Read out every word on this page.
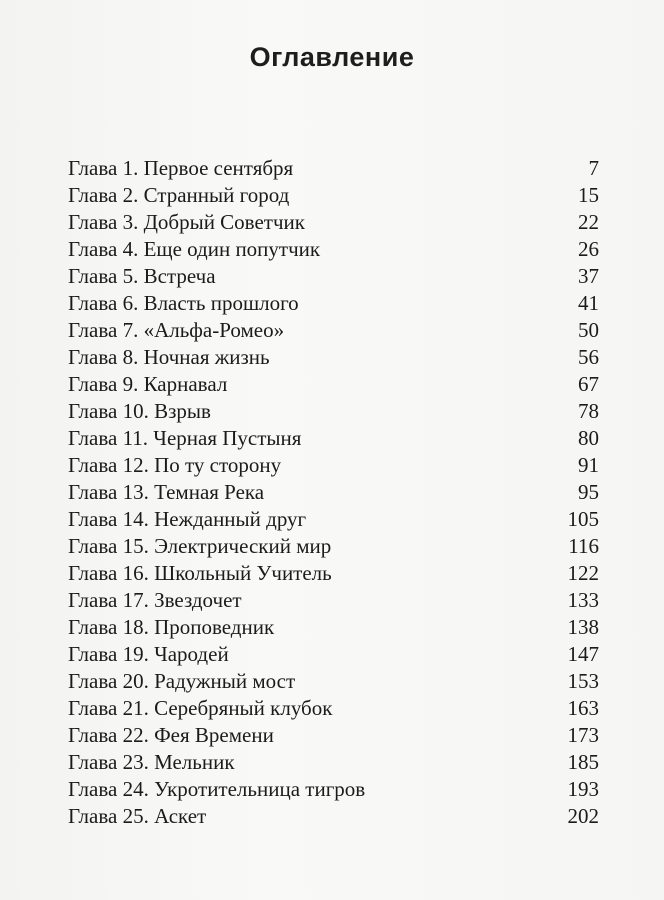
Оглавление
Глава 1. Первое сентября	7
Глава 2. Странный город	15
Глава 3. Добрый Советчик	22
Глава 4. Еще один попутчик	26
Глава 5. Встреча	37
Глава 6. Власть прошлого	41
Глава 7. «Альфа-Ромео»	50
Глава 8. Ночная жизнь	56
Глава 9. Карнавал	67
Глава 10. Взрыв	78
Глава 11. Черная Пустыня	80
Глава 12. По ту сторону	91
Глава 13. Темная Река	95
Глава 14. Нежданный друг	105
Глава 15. Электрический мир	116
Глава 16. Школьный Учитель	122
Глава 17. Звездочет	133
Глава 18. Проповедник	138
Глава 19. Чародей	147
Глава 20. Радужный мост	153
Глава 21. Серебряный клубок	163
Глава 22. Фея Времени	173
Глава 23. Мельник	185
Глава 24. Укротительница тигров	193
Глава 25. Аскет	202
